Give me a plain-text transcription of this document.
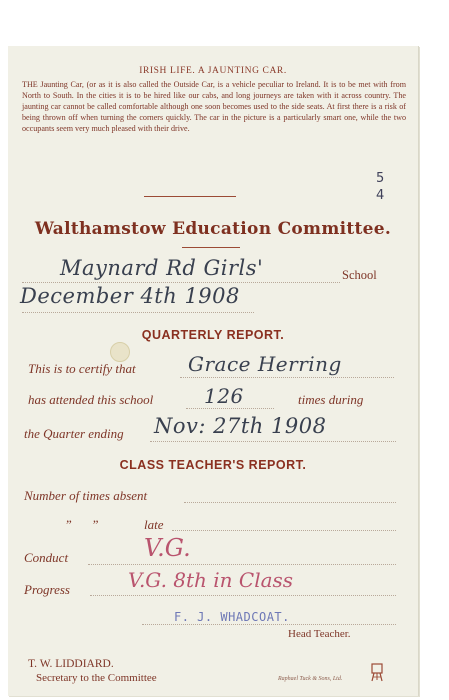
IRISH LIFE. A JAUNTING CAR.
THE Jaunting Car, (or as it is also called the Outside Car, is a vehicle peculiar to Ireland. It is to be met with from North to South. In the cities it is to be hired like our cabs, and long journeys are taken with it across country. The jaunting car cannot be called comfortable although one soon becomes used to the side seats. At first there is a risk of being thrown off when turning the corners quickly. The car in the picture is a particularly smart one, while the two occupants seem very much pleased with their drive.
5 4
Walthamstow Education Committee.
Maynard Rd Girls'	School
December 4th 1908
QUARTERLY REPORT.
This is to certify that	Grace Herring
has attended this school	126	times during
the Quarter ending Nov: 27th 1908
CLASS TEACHER'S REPORT.
Number of times absent
„      „	late
Conduct	V.G.
Progress	V.G. 8th in Class
F. J. WHADCOAT.
Head Teacher.
T. W. LIDDIARD.
Secretary to the Committee	Raphael Tuck & Sons, Ltd.
